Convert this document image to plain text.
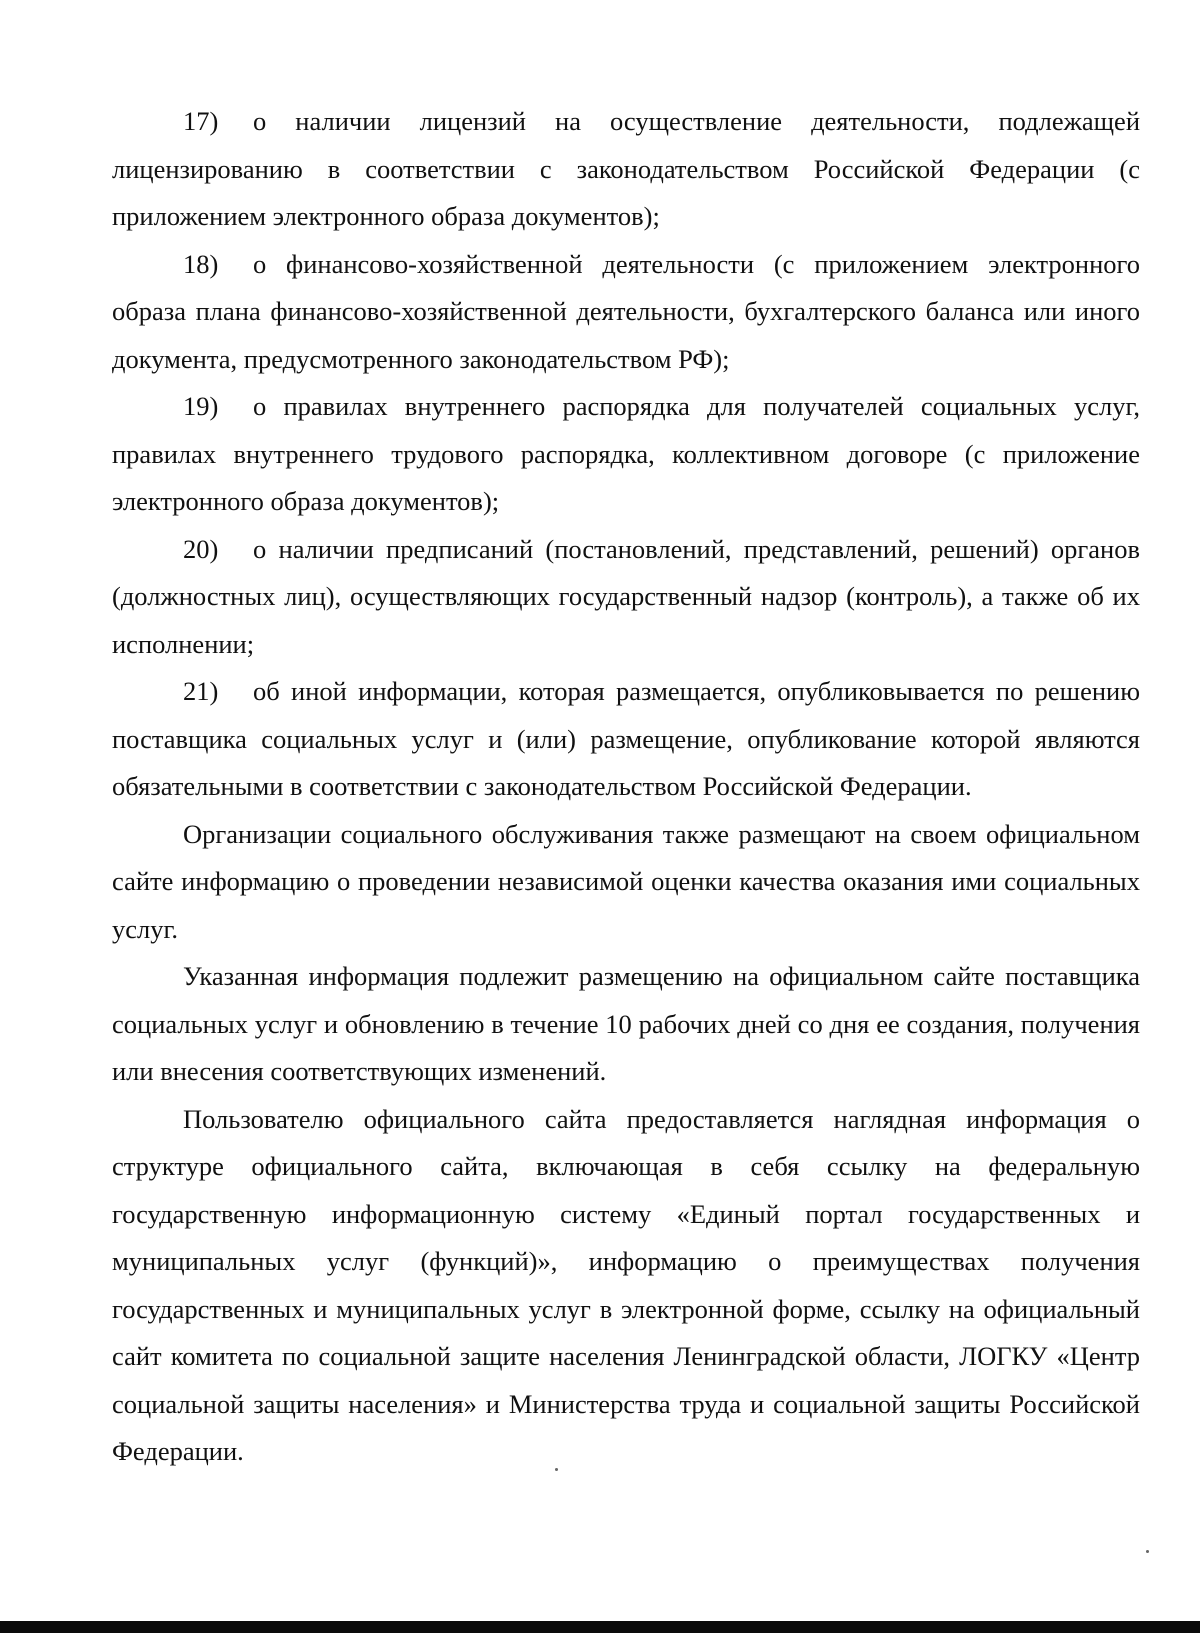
17) о наличии лицензий на осуществление деятельности, подлежащей лицензированию в соответствии с законодательством Российской Федерации (с приложением электронного образа документов);

18) о финансово-хозяйственной деятельности (с приложением электронного образа плана финансово-хозяйственной деятельности, бухгалтерского баланса или иного документа, предусмотренного законодательством РФ);

19) о правилах внутреннего распорядка для получателей социальных услуг, правилах внутреннего трудового распорядка, коллективном договоре (с приложение электронного образа документов);

20) о наличии предписаний (постановлений, представлений, решений) органов (должностных лиц), осуществляющих государственный надзор (контроль), а также об их исполнении;

21) об иной информации, которая размещается, опубликовывается по решению поставщика социальных услуг и (или) размещение, опубликование которой являются обязательными в соответствии с законодательством Российской Федерации.

Организации социального обслуживания также размещают на своем официальном сайте информацию о проведении независимой оценки качества оказания ими социальных услуг.

Указанная информация подлежит размещению на официальном сайте поставщика социальных услуг и обновлению в течение 10 рабочих дней со дня ее создания, получения или внесения соответствующих изменений.

Пользователю официального сайта предоставляется наглядная информация о структуре официального сайта, включающая в себя ссылку на федеральную государственную информационную систему «Единый портал государственных и муниципальных услуг (функций)», информацию о преимуществах получения государственных и муниципальных услуг в электронной форме, ссылку на официальный сайт комитета по социальной защите населения Ленинградской области, ЛОГКУ «Центр социальной защиты населения» и Министерства труда и социальной защиты Российской Федерации.
